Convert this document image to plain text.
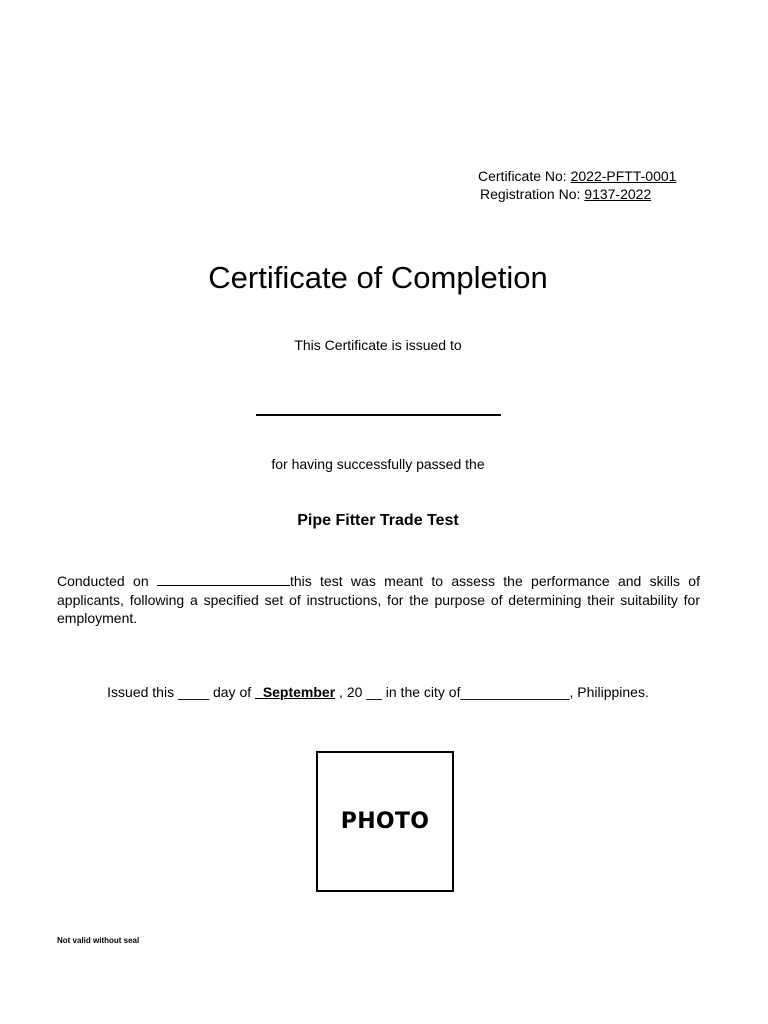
Certificate No: 2022-PFTT-0001
Registration No: 9137-2022
Certificate of Completion
This Certificate is issued to
for having successfully passed the
Pipe Fitter Trade Test
Conducted on	this test was meant to assess the performance and skills of applicants, following a specified set of instructions, for the purpose of determining their suitability for employment.
Issued this ____ day of _September , 20 __ in the city of______________, Philippines.
PHOTO
Not valid without seal
